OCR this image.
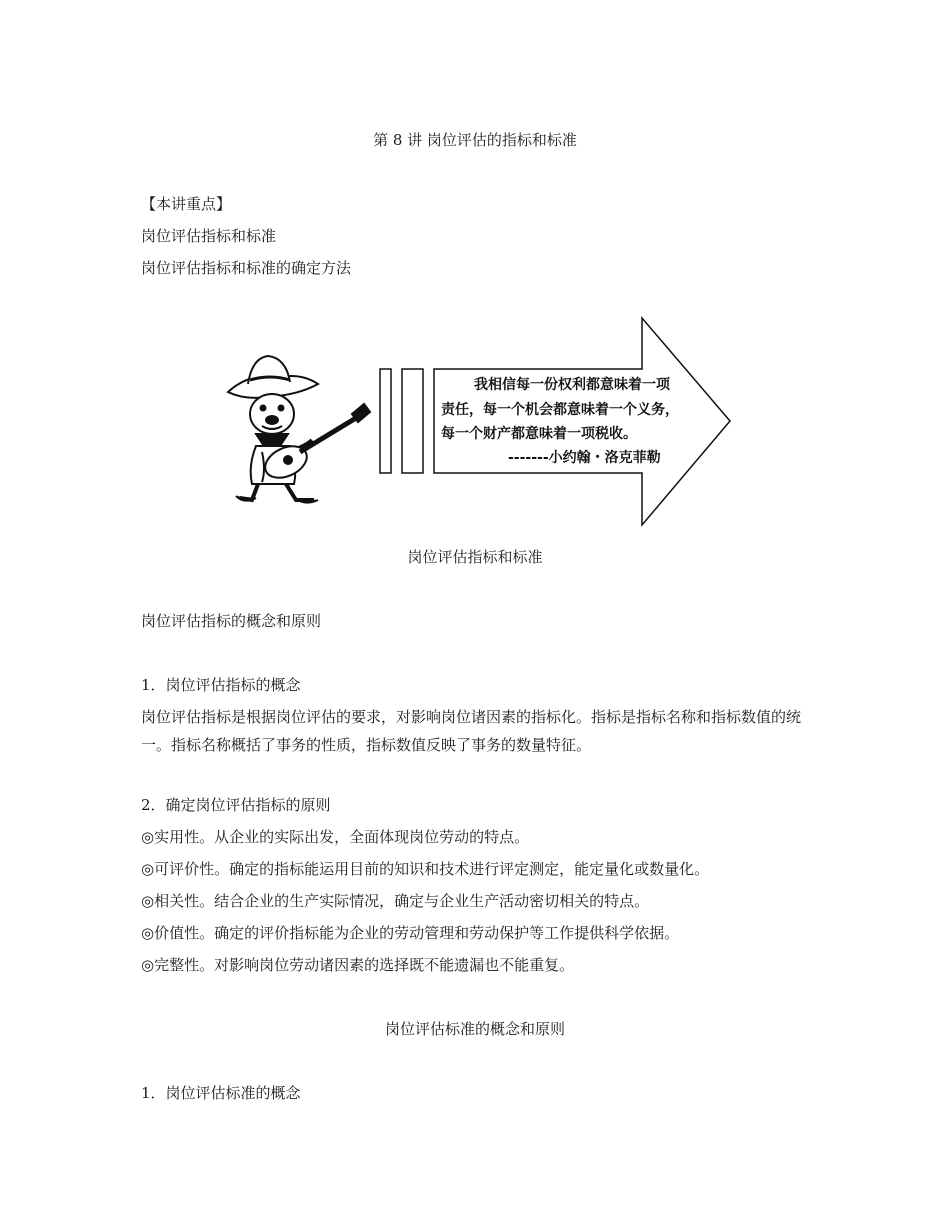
第 8 讲 岗位评估的指标和标准
【本讲重点】
岗位评估指标和标准
岗位评估指标和标准的确定方法
我相信每一份权利都意味着一项
责任，每一个机会都意味着一个义务，
每一个财产都意味着一项税收。
-------小约翰・洛克菲勒
岗位评估指标和标准
岗位评估指标的概念和原则
1．岗位评估指标的概念
岗位评估指标是根据岗位评估的要求，对影响岗位诸因素的指标化。指标是指标名称和指标数值的统一。指标名称概括了事务的性质，指标数值反映了事务的数量特征。
2．确定岗位评估指标的原则
◎实用性。从企业的实际出发，全面体现岗位劳动的特点。
◎可评价性。确定的指标能运用目前的知识和技术进行评定测定，能定量化或数量化。
◎相关性。结合企业的生产实际情况，确定与企业生产活动密切相关的特点。
◎价值性。确定的评价指标能为企业的劳动管理和劳动保护等工作提供科学依据。
◎完整性。对影响岗位劳动诸因素的选择既不能遗漏也不能重复。
岗位评估标准的概念和原则
1．岗位评估标准的概念
